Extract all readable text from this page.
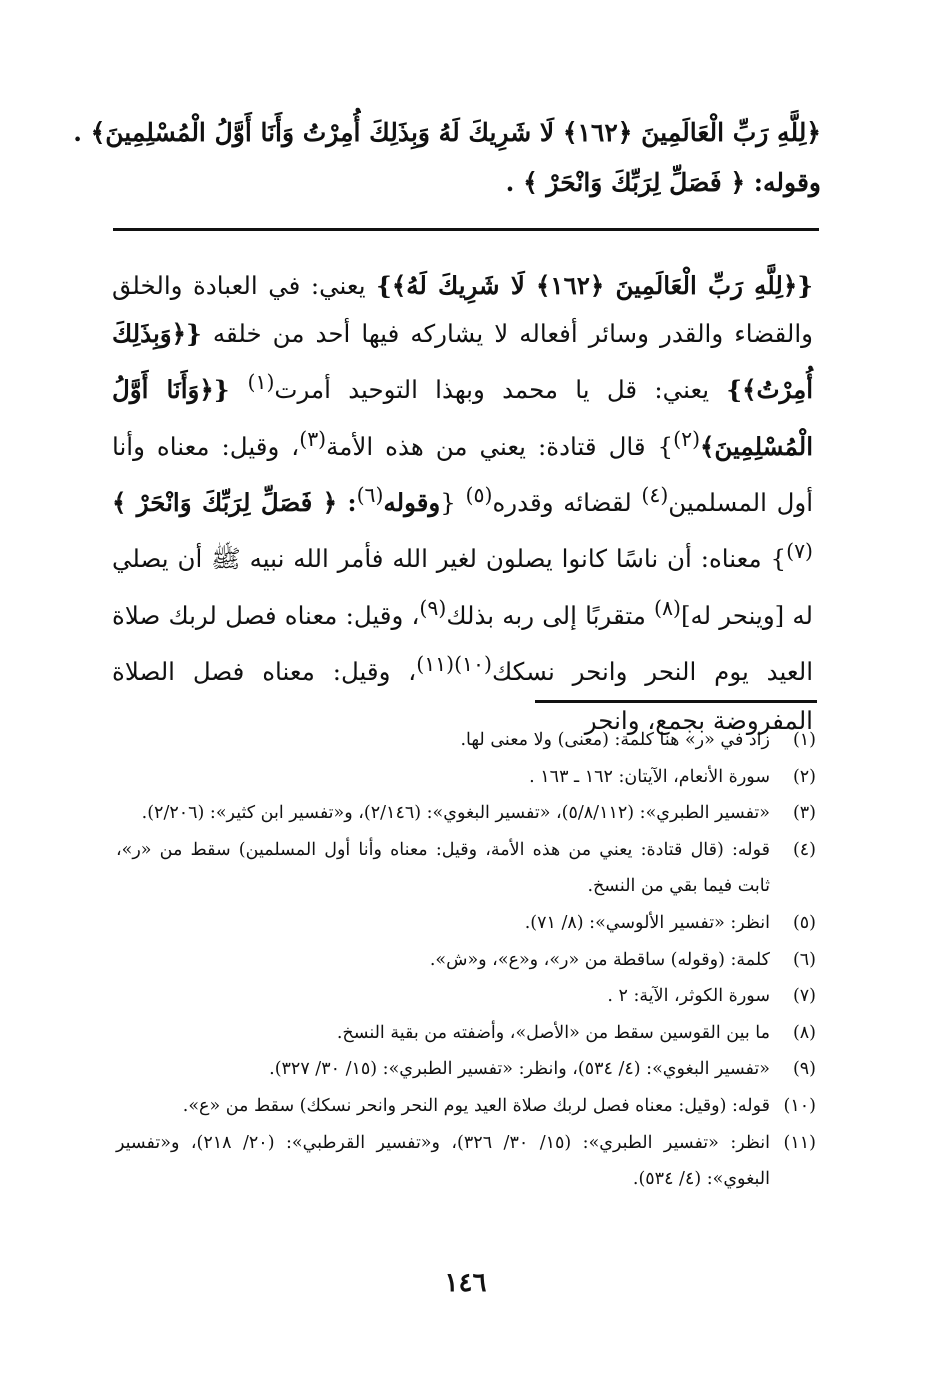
﴿لِلَّهِ رَبِّ الْعَالَمِينَ ﴿١٦٢﴾ لَا شَرِيكَ لَهُ وَبِذَلِكَ أُمِرْتُ وَأَنَا أَوَّلُ الْمُسْلِمِينَ﴾ .
وقوله: ﴿ فَصَلِّ لِرَبِّكَ وَانْحَرْ ﴾ .

{﴿لِلَّهِ رَبِّ الْعَالَمِينَ ﴿١٦٢﴾ لَا شَرِيكَ لَهُ﴾} يعني: في العبادة والخلق والقضاء والقدر وسائر أفعاله لا يشاركه فيها أحد من خلقه {﴿وَبِذَلِكَ أُمِرْتُ﴾} يعني: قل يا محمد وبهذا التوحيد أمرت$^{(١)}$ {﴿وَأَنَا أَوَّلُ الْمُسْلِمِينَ﴾$^{(٢)}$} قال قتادة: يعني من هذه الأمة$^{(٣)}$، وقيل: معناه وأنا أول المسلمين$^{(٤)}$ لقضائه وقدره$^{(٥)}$ {وقوله$^{(٦)}$: ﴿ فَصَلِّ لِرَبِّكَ وَانْحَرْ ﴾$^{(٧)}$} معناه: أن ناسًا كانوا يصلون لغير الله فأمر الله نبيه ﷺ أن يصلي له [وينحر له]$^{(٨)}$ متقربًا إلى ربه بذلك$^{(٩)}$، وقيل: معناه فصل لربك صلاة العيد يوم النحر وانحر نسكك$^{(١٠)(١١)}$، وقيل: معناه فصل الصلاة المفروضة بجمع، وانحر

(١)
زاد في «ر» هنا كلمة: (معنى) ولا معنى لها.
(٢)
سورة الأنعام، الآيتان: ١٦٢ ـ ١٦٣ .
(٣)
«تفسير الطبري»: (٥/٨/١١٢)، «تفسير البغوي»: (٢/١٤٦)، و«تفسير ابن كثير»: (٢/٢٠٦).
(٤)
قوله: (قال قتادة: يعني من هذه الأمة، وقيل: معناه وأنا أول المسلمين) سقط من «ر»، ثابت فيما بقي من النسخ.
(٥)
انظر: «تفسير الألوسي»: (٨/ ٧١).
(٦)
كلمة: (وقوله) ساقطة من «ر»، و«ع»، و«ش».
(٧)
سورة الكوثر، الآية: ٢ .
(٨)
ما بين القوسين سقط من «الأصل»، وأضفته من بقية النسخ.
(٩)
«تفسير البغوي»: (٤/ ٥٣٤)، وانظر: «تفسير الطبري»: (١٥/ ٣٠/ ٣٢٧).
(١٠)
قوله: (وقيل: معناه فصل لربك صلاة العيد يوم النحر وانحر نسكك) سقط من «ع».
(١١)
انظر: «تفسير الطبري»: (١٥/ ٣٠/ ٣٢٦)، و«تفسير القرطبي»: (٢٠/ ٢١٨)، و«تفسير البغوي»: (٤/ ٥٣٤).
١٤٦
